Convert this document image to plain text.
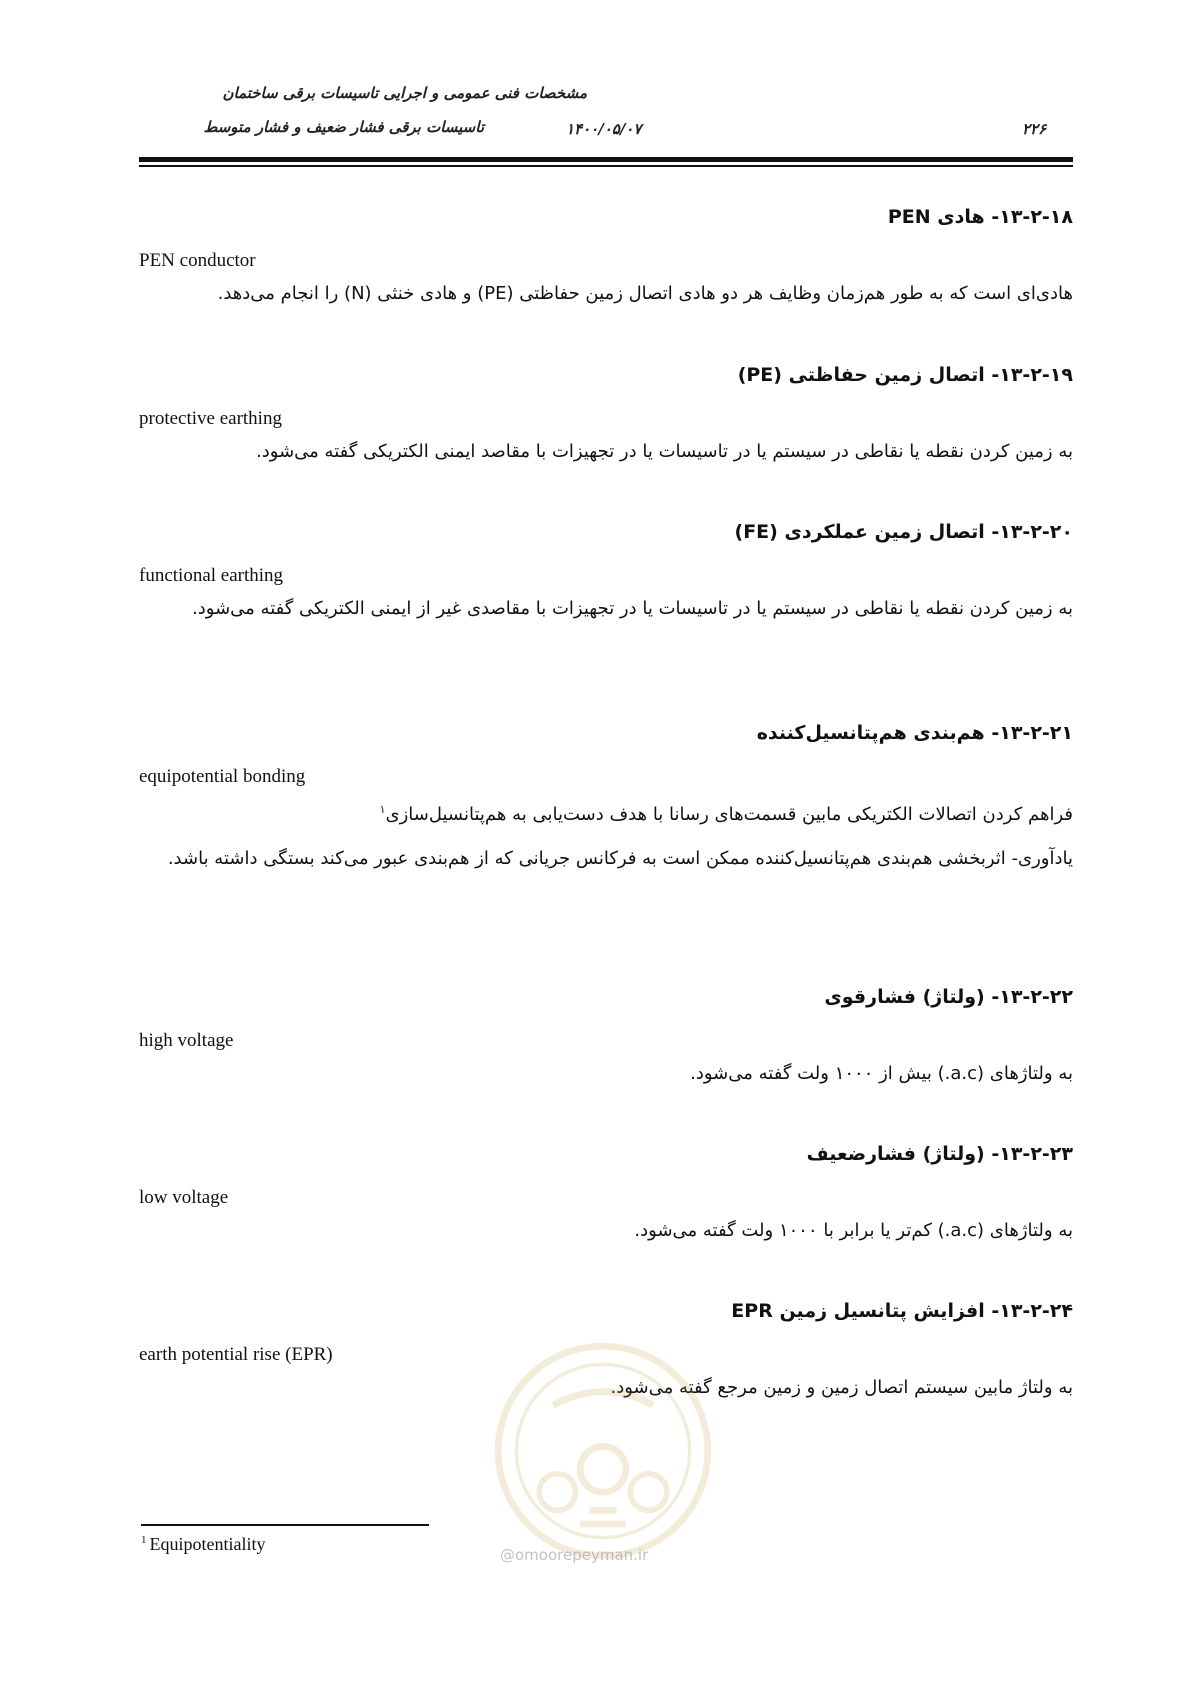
مشخصات فنی عمومی و اجرایی تاسیسات برقی ساختمان
تاسیسات برقی فشار ضعیف و فشار متوسط	۱۴۰۰/۰۵/۰۷	۲۲۶

۱۳-۲-۱۸- هادی PEN

PEN conductor

هادی‌ای است که به طور هم‌زمان وظایف هر دو هادی اتصال زمین حفاظتی (PE) و هادی خنثی (N) را انجام می‌دهد.

۱۳-۲-۱۹- اتصال زمین حفاظتی (PE)

protective earthing

به زمین کردن نقطه یا نقاطی در سیستم یا در تاسیسات یا در تجهیزات با مقاصد ایمنی الکتریکی گفته می‌شود.

۱۳-۲-۲۰- اتصال زمین عملکردی (FE)

functional earthing

به زمین کردن نقطه یا نقاطی در سیستم یا در تاسیسات یا در تجهیزات با مقاصدی غیر از ایمنی الکتریکی گفته می‌شود.

۱۳-۲-۲۱- هم‌بندی هم‌پتانسیل‌کننده

equipotential bonding

فراهم کردن اتصالات الکتریکی مابین قسمت‌های رسانا با هدف دست‌یابی به هم‌پتانسیل‌سازی$^۱$

یادآوری- اثربخشی هم‌بندی هم‌پتانسیل‌کننده ممکن است به فرکانس جریانی که از هم‌بندی عبور می‌کند بستگی داشته باشد.

۱۳-۲-۲۲- (ولتاژ) فشارقوی

high voltage

به ولتاژهای (a.c.) بیش از ۱۰۰۰ ولت گفته می‌شود.

۱۳-۲-۲۳- (ولتاژ) فشارضعیف

low voltage

به ولتاژهای (a.c.) کم‌تر یا برابر با ۱۰۰۰ ولت گفته می‌شود.

۱۳-۲-۲۴- افزایش پتانسیل زمین EPR

earth potential rise (EPR)

به ولتاژ مابین سیستم اتصال زمین و زمین مرجع گفته می‌شود.

@omoorepeyman.ir
$^1$ Equipotentiality
